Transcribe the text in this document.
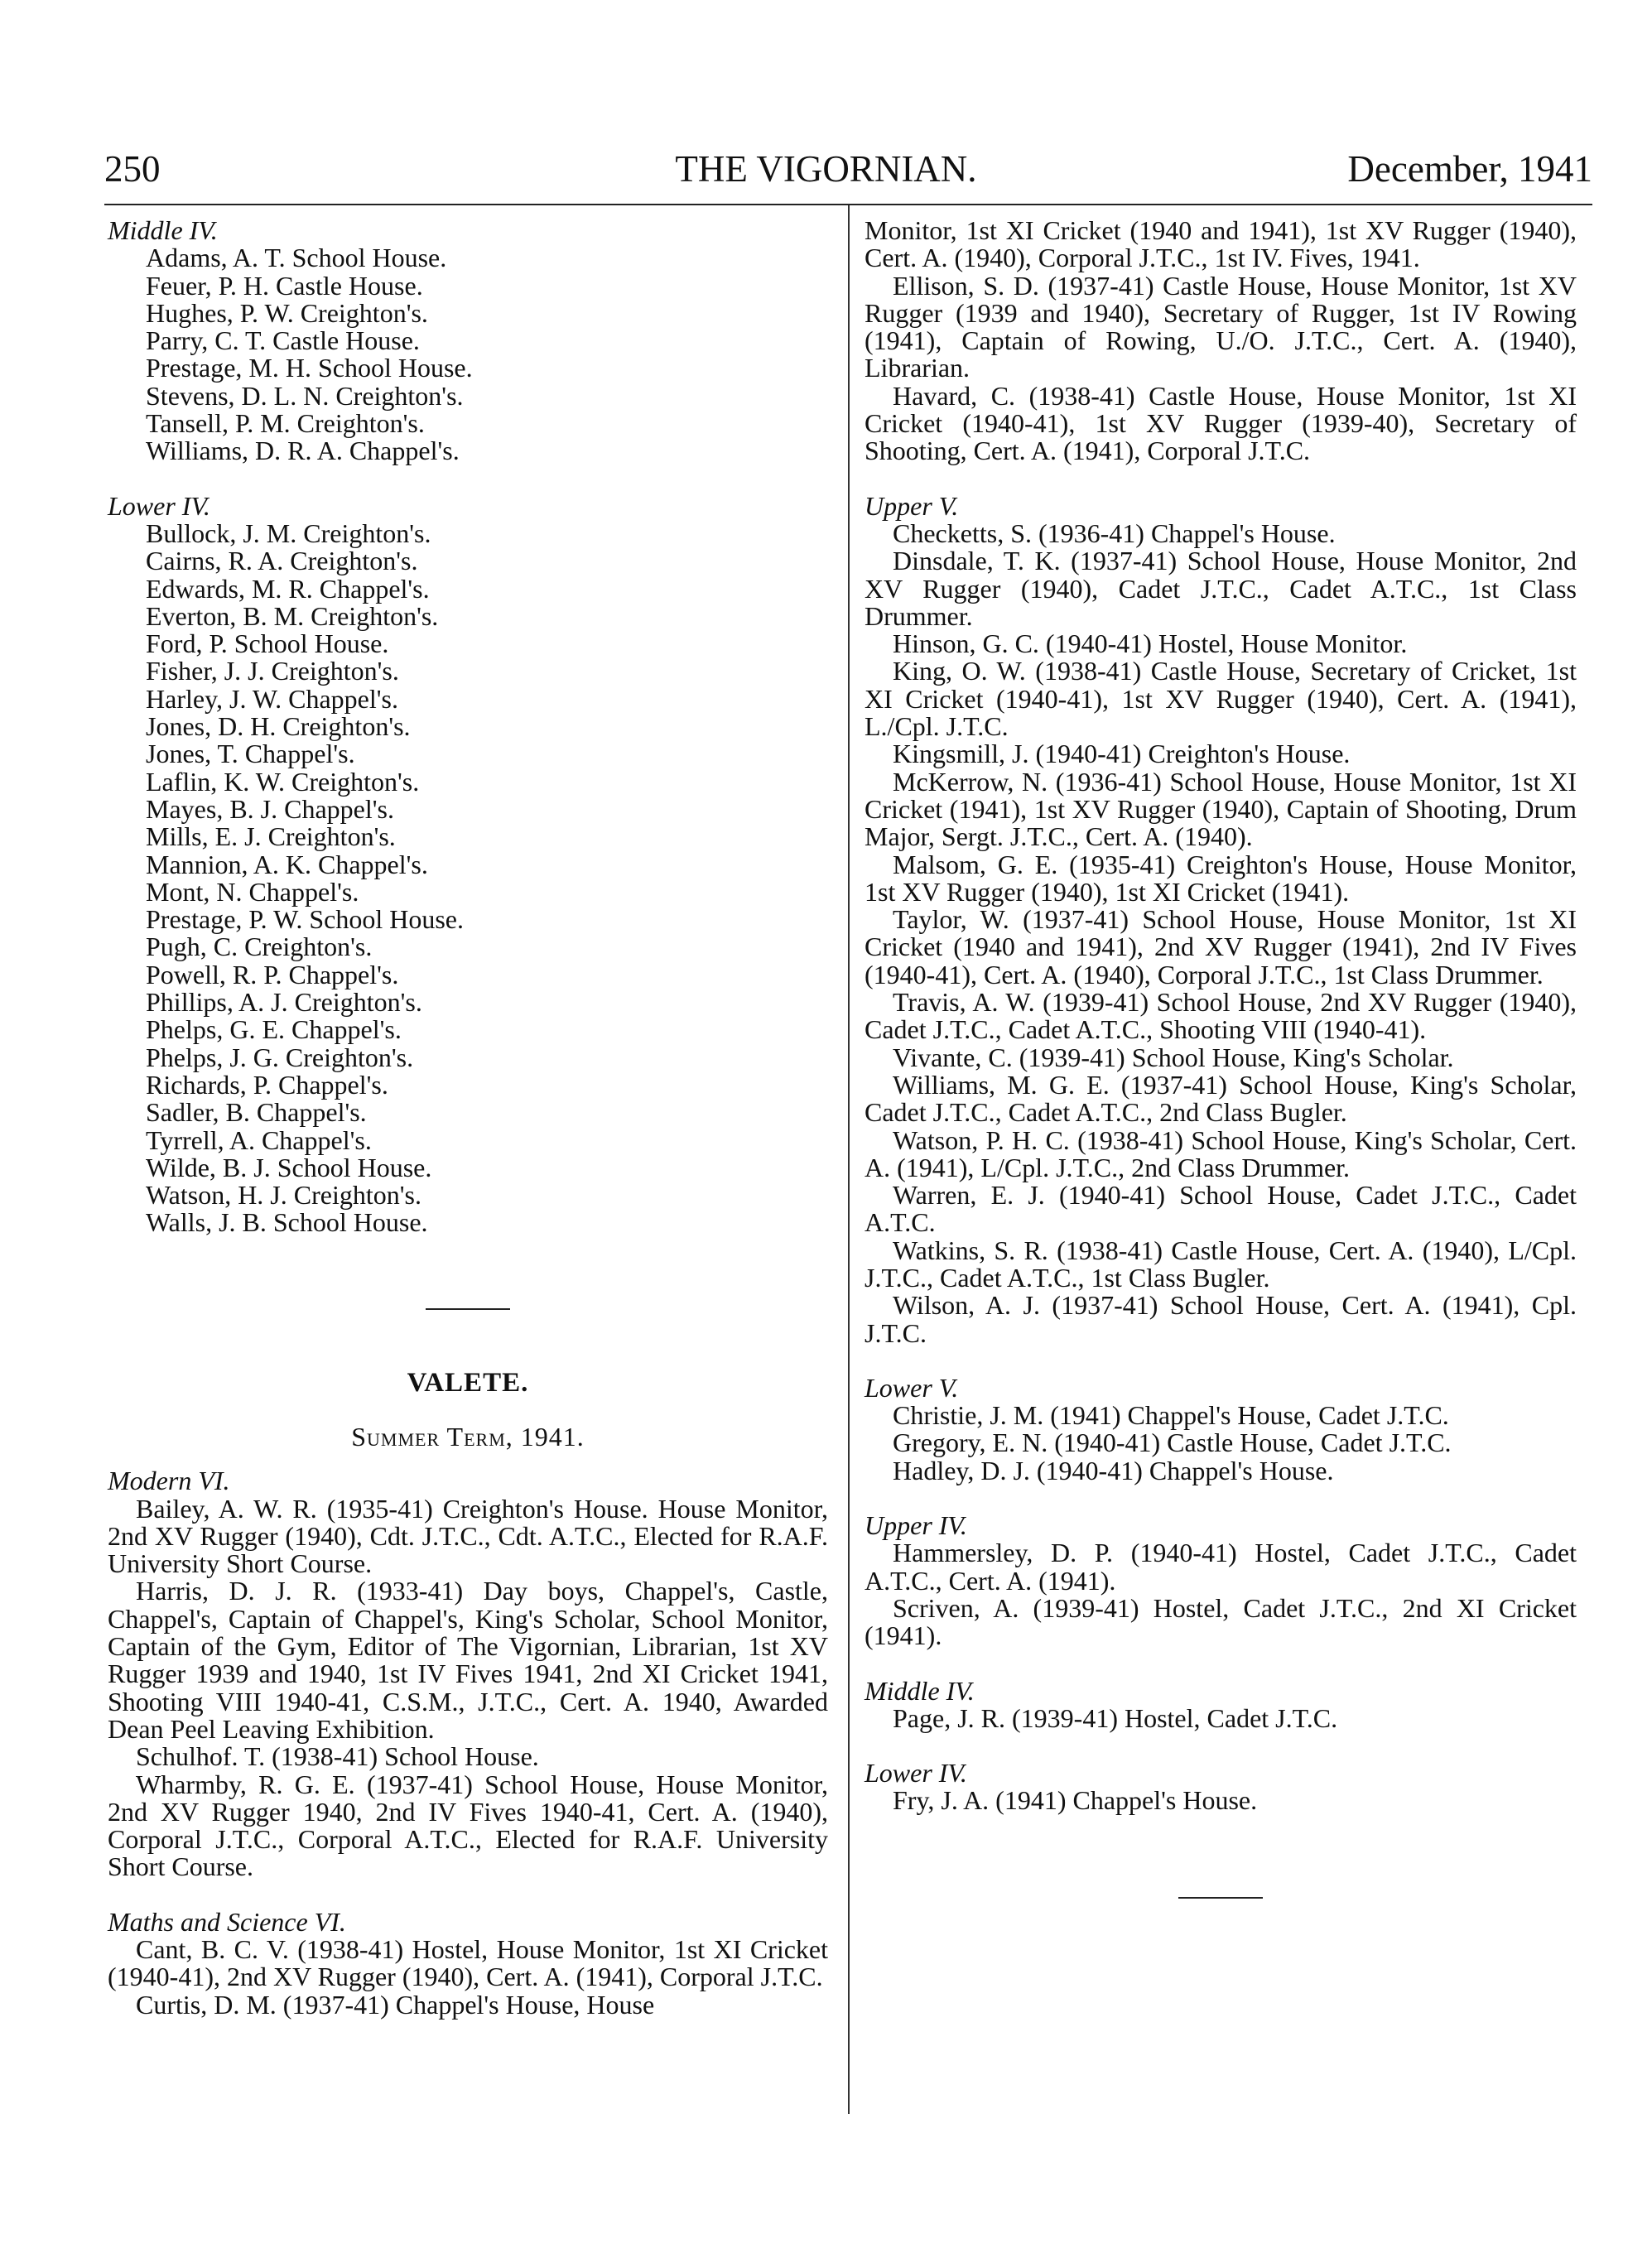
250	THE VIGORNIAN.	December, 1941

Middle IV.

Adams, A. T. School House.

Feuer, P. H. Castle House.

Hughes, P. W. Creighton's.

Parry, C. T. Castle House.

Prestage, M. H. School House.

Stevens, D. L. N. Creighton's.

Tansell, P. M. Creighton's.

Williams, D. R. A. Chappel's.

Lower IV.

Bullock, J. M. Creighton's.

Cairns, R. A. Creighton's.

Edwards, M. R. Chappel's.

Everton, B. M. Creighton's.

Ford, P. School House.

Fisher, J. J. Creighton's.

Harley, J. W. Chappel's.

Jones, D. H. Creighton's.

Jones, T. Chappel's.

Laflin, K. W. Creighton's.

Mayes, B. J. Chappel's.

Mills, E. J. Creighton's.

Mannion, A. K. Chappel's.

Mont, N. Chappel's.

Prestage, P. W. School House.

Pugh, C. Creighton's.

Powell, R. P. Chappel's.

Phillips, A. J. Creighton's.

Phelps, G. E. Chappel's.

Phelps, J. G. Creighton's.

Richards, P. Chappel's.

Sadler, B. Chappel's.

Tyrrell, A. Chappel's.

Wilde, B. J. School House.

Watson, H. J. Creighton's.

Walls, J. B. School House.

VALETE.
Summer Term, 1941.

Modern VI.

Bailey, A. W. R. (1935-41) Creighton's House. House Monitor, 2nd XV Rugger (1940), Cdt. J.T.C., Cdt. A.T.C., Elected for R.A.F. University Short Course.

Harris, D. J. R. (1933-41) Day boys, Chappel's, Castle, Chappel's, Captain of Chappel's, King's Scholar, School Monitor, Captain of the Gym, Editor of The Vigornian, Librarian, 1st XV Rugger 1939 and 1940, 1st IV Fives 1941, 2nd XI Cricket 1941, Shooting VIII 1940-41, C.S.M., J.T.C., Cert. A. 1940, Awarded Dean Peel Leaving Exhibition.

Schulhof. T. (1938-41) School House.

Wharmby, R. G. E. (1937-41) School House, House Monitor, 2nd XV Rugger 1940, 2nd IV Fives 1940-41, Cert. A. (1940), Corporal J.T.C., Corporal A.T.C., Elected for R.A.F. University Short Course.

Maths and Science VI.

Cant, B. C. V. (1938-41) Hostel, House Monitor, 1st XI Cricket (1940-41), 2nd XV Rugger (1940), Cert. A. (1941), Corporal J.T.C.

Curtis, D. M. (1937-41) Chappel's House, House

Monitor, 1st XI Cricket (1940 and 1941), 1st XV Rugger (1940), Cert. A. (1940), Corporal J.T.C., 1st IV. Fives, 1941.

Ellison, S. D. (1937-41) Castle House, House Monitor, 1st XV Rugger (1939 and 1940), Secretary of Rugger, 1st IV Rowing (1941), Captain of Rowing, U./O. J.T.C., Cert. A. (1940), Librarian.

Havard, C. (1938-41) Castle House, House Monitor, 1st XI Cricket (1940-41), 1st XV Rugger (1939-40), Secretary of Shooting, Cert. A. (1941), Corporal J.T.C.

Upper V.

Checketts, S. (1936-41) Chappel's House.

Dinsdale, T. K. (1937-41) School House, House Monitor, 2nd XV Rugger (1940), Cadet J.T.C., Cadet A.T.C., 1st Class Drummer.

Hinson, G. C. (1940-41) Hostel, House Monitor.

King, O. W. (1938-41) Castle House, Secretary of Cricket, 1st XI Cricket (1940-41), 1st XV Rugger (1940), Cert. A. (1941), L./Cpl. J.T.C.

Kingsmill, J. (1940-41) Creighton's House.

McKerrow, N. (1936-41) School House, House Monitor, 1st XI Cricket (1941), 1st XV Rugger (1940), Captain of Shooting, Drum Major, Sergt. J.T.C., Cert. A. (1940).

Malsom, G. E. (1935-41) Creighton's House, House Monitor, 1st XV Rugger (1940), 1st XI Cricket (1941).

Taylor, W. (1937-41) School House, House Monitor, 1st XI Cricket (1940 and 1941), 2nd XV Rugger (1941), 2nd IV Fives (1940-41), Cert. A. (1940), Corporal J.T.C., 1st Class Drummer.

Travis, A. W. (1939-41) School House, 2nd XV Rugger (1940), Cadet J.T.C., Cadet A.T.C., Shooting VIII (1940-41).

Vivante, C. (1939-41) School House, King's Scholar.

Williams, M. G. E. (1937-41) School House, King's Scholar, Cadet J.T.C., Cadet A.T.C., 2nd Class Bugler.

Watson, P. H. C. (1938-41) School House, King's Scholar, Cert. A. (1941), L/Cpl. J.T.C., 2nd Class Drummer.

Warren, E. J. (1940-41) School House, Cadet J.T.C., Cadet A.T.C.

Watkins, S. R. (1938-41) Castle House, Cert. A. (1940), L/Cpl. J.T.C., Cadet A.T.C., 1st Class Bugler.

Wilson, A. J. (1937-41) School House, Cert. A. (1941), Cpl. J.T.C.

Lower V.

Christie, J. M. (1941) Chappel's House, Cadet J.T.C.

Gregory, E. N. (1940-41) Castle House, Cadet J.T.C.

Hadley, D. J. (1940-41) Chappel's House.

Upper IV.

Hammersley, D. P. (1940-41) Hostel, Cadet J.T.C., Cadet A.T.C., Cert. A. (1941).

Scriven, A. (1939-41) Hostel, Cadet J.T.C., 2nd XI Cricket (1941).

Middle IV.

Page, J. R. (1939-41) Hostel, Cadet J.T.C.

Lower IV.

Fry, J. A. (1941) Chappel's House.
